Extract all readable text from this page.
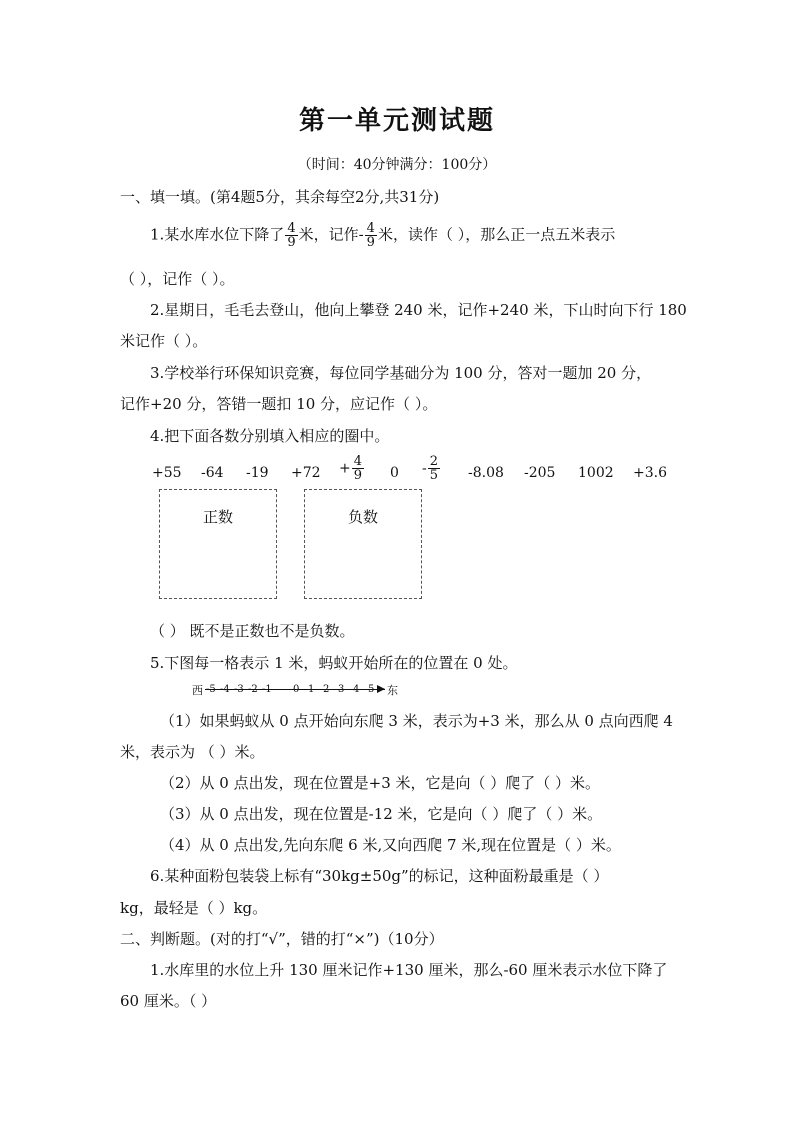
第一单元测试题
（时间：40分钟满分：100分）
一、填一填。(第4题5分，其余每空2分,共31分)
1.某水库水位下降了 $\frac{4}{9}$ 米，记作- $\frac{4}{9}$ 米，读作（ ），那么正一点五米表示
（ ），记作（ ）。
2.星期日，毛毛去登山，他向上攀登 240 米，记作+240 米，下山时向下行 180
米记作（ ）。
3.学校举行环保知识竞赛，每位同学基础分为 100 分，答对一题加 20 分，
记作+20 分，答错一题扣 10 分，应记作（ ）。
4.把下面各数分别填入相应的圈中。
+55 -64 $-19 +72 + \frac{4}{9} 0 - \frac{2}{5} -8.08$ -205 1002 +3.6
正数	负数
（ ） 既不是正数也不是负数。
5.下图每一格表示 1 米，蚂蚁开始所在的位置在 0 处。
西	东
-5 -4 -3 -2 -1 0 1 2 3 4 5
（1）如果蚂蚁从 0 点开始向东爬 3 米，表示为+3 米，那么从 0 点向西爬 4
米，表示为 （ ）米。
（2）从 0 点出发，现在位置是+3 米，它是向（ ）爬了（ ）米。
（3）从 0 点出发，现在位置是-12 米，它是向（ ）爬了（ ）米。
（4）从 0 点出发,先向东爬 6 米,又向西爬 7 米,现在位置是（ ）米。
6.某种面粉包装袋上标有“30kg±50g”的标记，这种面粉最重是（ ）
kg，最轻是（ ）kg。
二、判断题。(对的打“√”，错的打“×”)（10分）
1.水库里的水位上升 130 厘米记作+130 厘米，那么-60 厘米表示水位下降了
60 厘米。（ ）
